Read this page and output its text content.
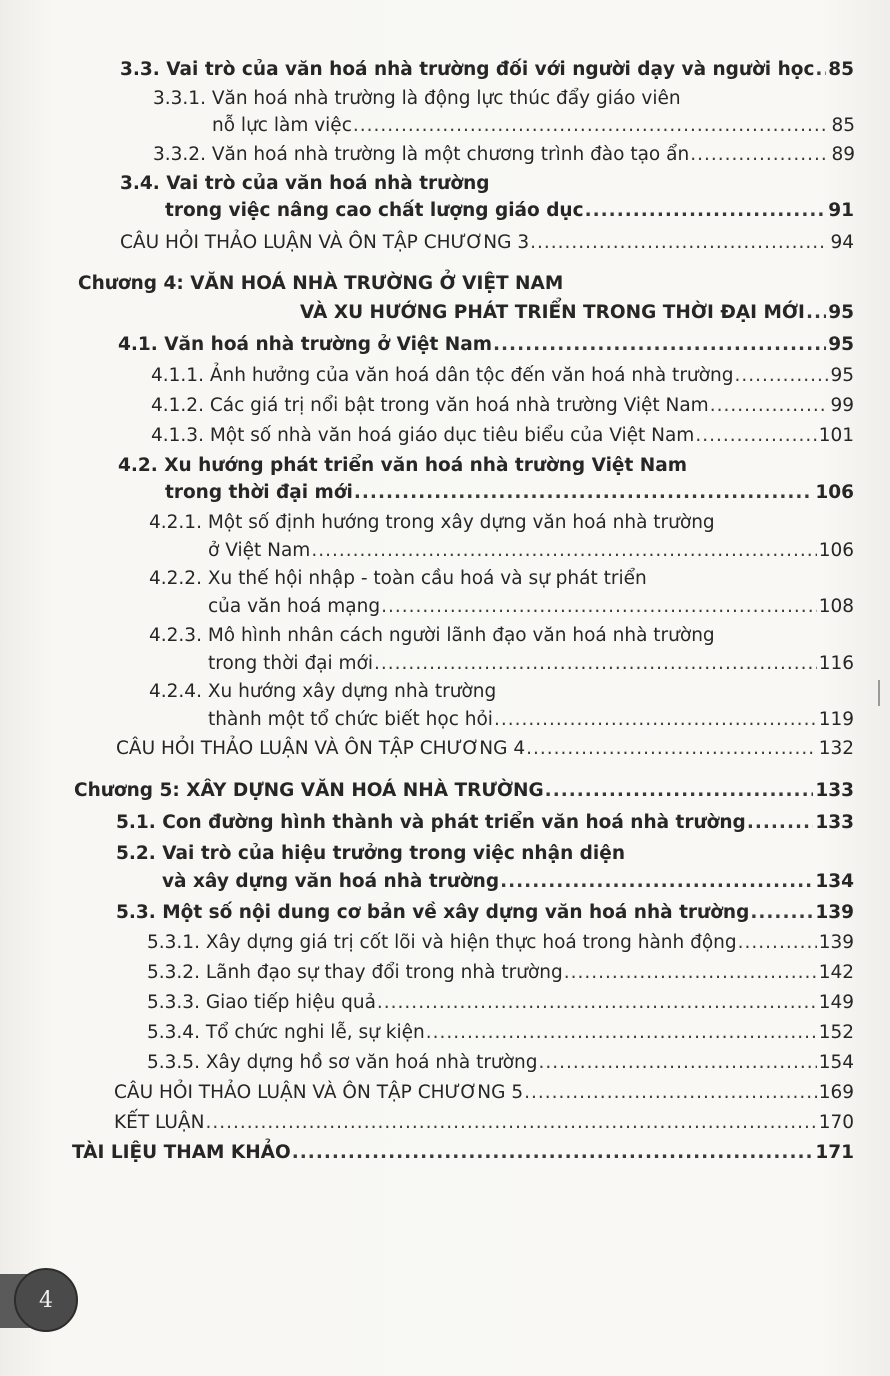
3.3. Vai trò của văn hoá nhà trường đối với người dạy và người học ..... 85
3.3.1. Văn hoá nhà trường là động lực thúc đẩy giáo viên
nỗ lực làm việc .....	85
3.3.2. Văn hoá nhà trường là một chương trình đào tạo ẩn .....	89
3.4. Vai trò của văn hoá nhà trường
trong việc nâng cao chất lượng giáo dục .....	91
CÂU HỎI THẢO LUẬN VÀ ÔN TẬP CHƯƠNG 3 .....	94
Chương 4: VĂN HOÁ NHÀ TRƯỜNG Ở VIỆT NAM
VÀ XU HƯỚNG PHÁT TRIỂN TRONG THỜI ĐẠI MỚI ..... 95
4.1. Văn hoá nhà trường ở Việt Nam .....	95
4.1.1. Ảnh hưởng của văn hoá dân tộc đến văn hoá nhà trường .....	95
4.1.2. Các giá trị nổi bật trong văn hoá nhà trường Việt Nam .....	99
4.1.3. Một số nhà văn hoá giáo dục tiêu biểu của Việt Nam .....	101
4.2. Xu hướng phát triển văn hoá nhà trường Việt Nam
trong thời đại mới .....	106
4.2.1. Một số định hướng trong xây dựng văn hoá nhà trường
ở Việt Nam .....	106
4.2.2. Xu thế hội nhập - toàn cầu hoá và sự phát triển
của văn hoá mạng .....	108
4.2.3. Mô hình nhân cách người lãnh đạo văn hoá nhà trường
trong thời đại mới .....	116
4.2.4. Xu hướng xây dựng nhà trường
thành một tổ chức biết học hỏi .....	119
CÂU HỎI THẢO LUẬN VÀ ÔN TẬP CHƯƠNG 4 .....	132
Chương 5: XÂY DỰNG VĂN HOÁ NHÀ TRƯỜNG .....	133
5.1. Con đường hình thành và phát triển văn hoá nhà trường .....	133
5.2. Vai trò của hiệu trưởng trong việc nhận diện
và xây dựng văn hoá nhà trường .....	134
5.3. Một số nội dung cơ bản về xây dựng văn hoá nhà trường .....	139
5.3.1. Xây dựng giá trị cốt lõi và hiện thực hoá trong hành động .....	139
5.3.2. Lãnh đạo sự thay đổi trong nhà trường .....	142
5.3.3. Giao tiếp hiệu quả .....	149
5.3.4. Tổ chức nghi lễ, sự kiện .....	152
5.3.5. Xây dựng hồ sơ văn hoá nhà trường .....	154
CÂU HỎI THẢO LUẬN VÀ ÔN TẬP CHƯƠNG 5 .....	169
KẾT LUẬN .....	170
TÀI LIỆU THAM KHẢO .....	171
4
